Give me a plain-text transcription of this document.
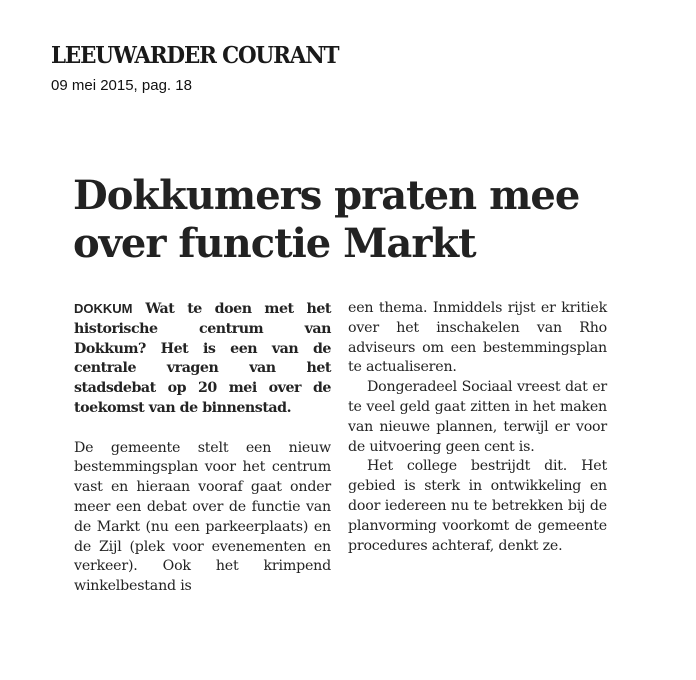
LEEUWARDER COURANT
09 mei 2015, pag. 18
Dokkumers praten mee over functie Markt

DOKKUM Wat te doen met het historische centrum van Dokkum? Het is een van de centrale vragen van het stadsdebat op 20 mei over de toekomst van de binnenstad.

De gemeente stelt een nieuw bestemmingsplan voor het centrum vast en hieraan vooraf gaat onder meer een debat over de functie van de Markt (nu een parkeerplaats) en de Zijl (plek voor evenementen en verkeer). Ook het krimpend winkelbestand is

een thema. Inmiddels rijst er kritiek over het inschakelen van Rho adviseurs om een bestemmingsplan te actualiseren.

Dongeradeel Sociaal vreest dat er te veel geld gaat zitten in het maken van nieuwe plannen, terwijl er voor de uitvoering geen cent is.

Het college bestrijdt dit. Het gebied is sterk in ontwikkeling en door iedereen nu te betrekken bij de planvorming voorkomt de gemeente procedures achteraf, denkt ze.
